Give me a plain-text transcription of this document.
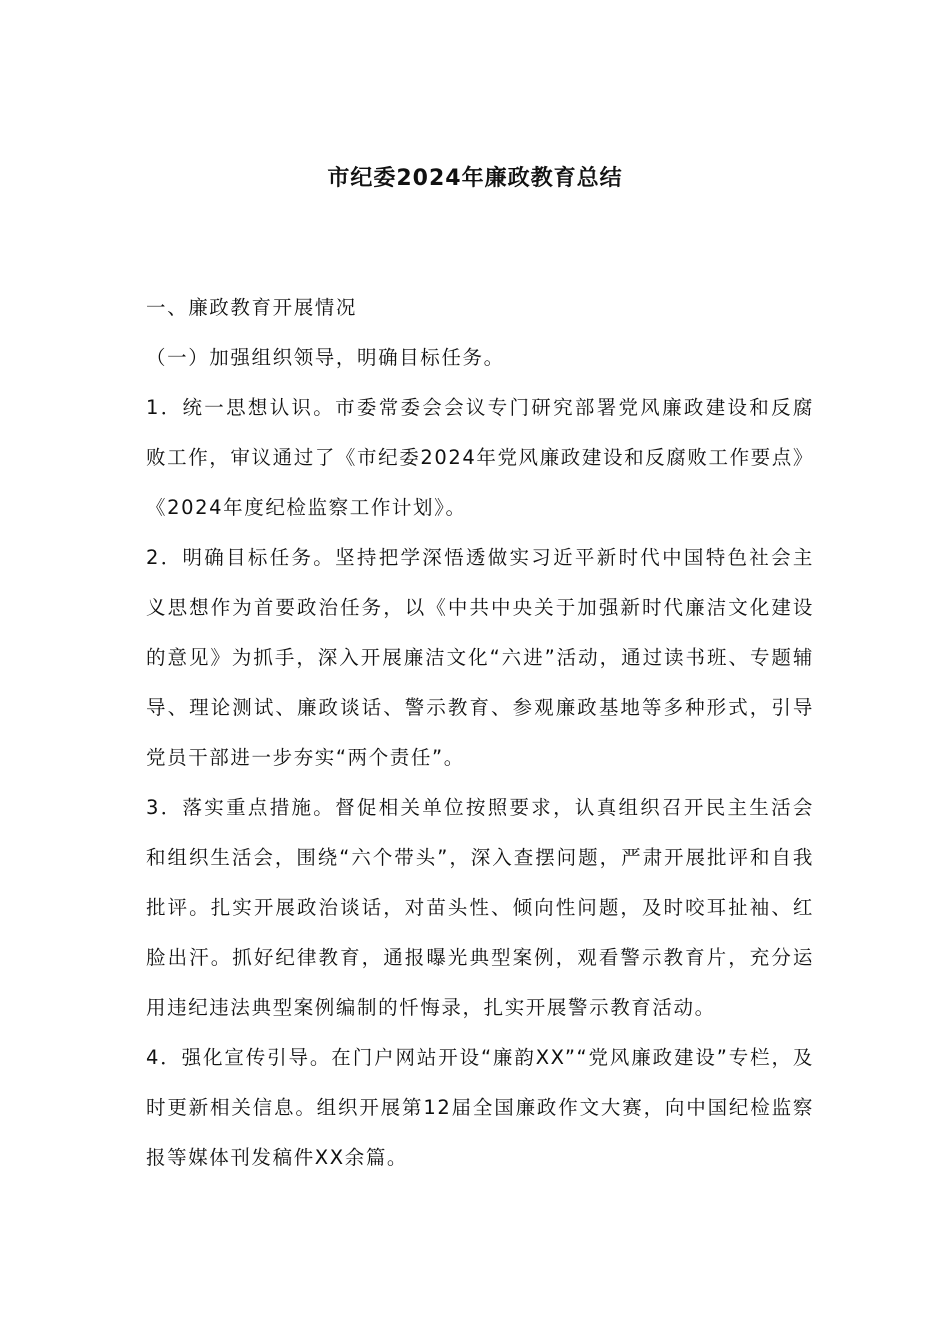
市纪委2024年廉政教育总结

一、廉政教育开展情况

（一）加强组织领导，明确目标任务。

1．统一思想认识。市委常委会会议专门研究部署党风廉政建设和反腐败工作，审议通过了《市纪委2024年党风廉政建设和反腐败工作要点》《2024年度纪检监察工作计划》。

2．明确目标任务。坚持把学深悟透做实习近平新时代中国特色社会主义思想作为首要政治任务，以《中共中央关于加强新时代廉洁文化建设的意见》为抓手，深入开展廉洁文化“六进”活动，通过读书班、专题辅导、理论测试、廉政谈话、警示教育、参观廉政基地等多种形式，引导党员干部进一步夯实“两个责任”。

3．落实重点措施。督促相关单位按照要求，认真组织召开民主生活会和组织生活会，围绕“六个带头”，深入查摆问题，严肃开展批评和自我批评。扎实开展政治谈话，对苗头性、倾向性问题，及时咬耳扯袖、红脸出汗。抓好纪律教育，通报曝光典型案例，观看警示教育片，充分运用违纪违法典型案例编制的忏悔录，扎实开展警示教育活动。

4．强化宣传引导。在门户网站开设“廉韵XX”“党风廉政建设”专栏，及时更新相关信息。组织开展第12届全国廉政作文大赛，向中国纪检监察报等媒体刊发稿件XX余篇。
